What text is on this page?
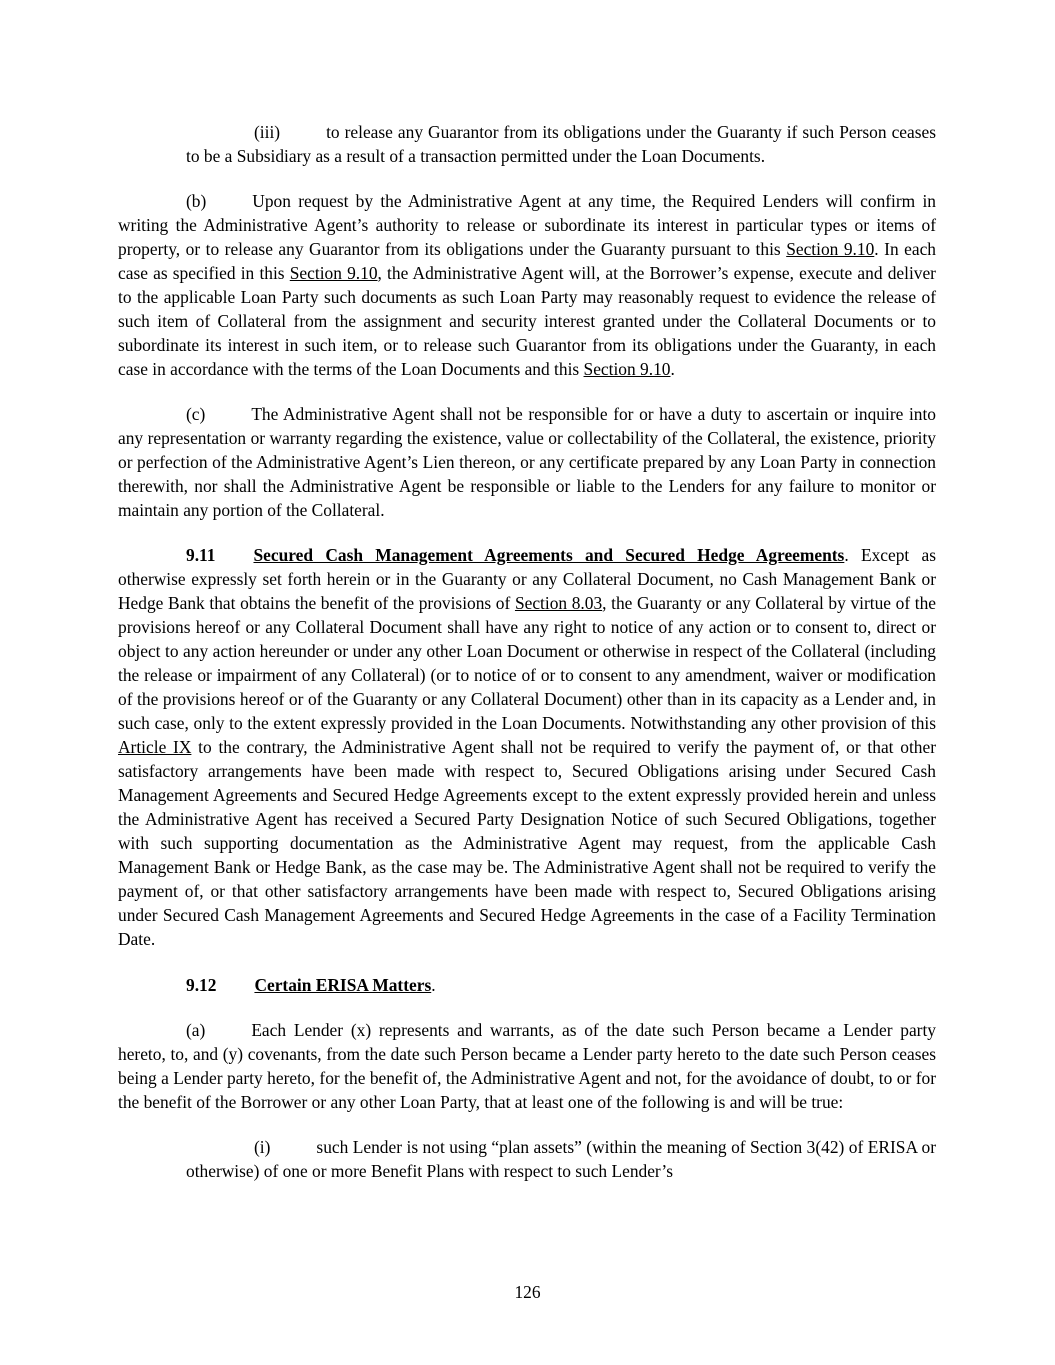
(iii)	to release any Guarantor from its obligations under the Guaranty if such Person ceases to be a Subsidiary as a result of a transaction permitted under the Loan Documents.

(b)	Upon request by the Administrative Agent at any time, the Required Lenders will confirm in writing the Administrative Agent’s authority to release or subordinate its interest in particular types or items of property, or to release any Guarantor from its obligations under the Guaranty pursuant to this Section 9.10. In each case as specified in this Section 9.10, the Administrative Agent will, at the Borrower’s expense, execute and deliver to the applicable Loan Party such documents as such Loan Party may reasonably request to evidence the release of such item of Collateral from the assignment and security interest granted under the Collateral Documents or to subordinate its interest in such item, or to release such Guarantor from its obligations under the Guaranty, in each case in accordance with the terms of the Loan Documents and this Section 9.10.

(c)	The Administrative Agent shall not be responsible for or have a duty to ascertain or inquire into any representation or warranty regarding the existence, value or collectability of the Collateral, the existence, priority or perfection of the Administrative Agent’s Lien thereon, or any certificate prepared by any Loan Party in connection therewith, nor shall the Administrative Agent be responsible or liable to the Lenders for any failure to monitor or maintain any portion of the Collateral.

9.11 Secured Cash Management Agreements and Secured Hedge Agreements. Except as otherwise expressly set forth herein or in the Guaranty or any Collateral Document, no Cash Management Bank or Hedge Bank that obtains the benefit of the provisions of Section 8.03, the Guaranty or any Collateral by virtue of the provisions hereof or any Collateral Document shall have any right to notice of any action or to consent to, direct or object to any action hereunder or under any other Loan Document or otherwise in respect of the Collateral (including the release or impairment of any Collateral) (or to notice of or to consent to any amendment, waiver or modification of the provisions hereof or of the Guaranty or any Collateral Document) other than in its capacity as a Lender and, in such case, only to the extent expressly provided in the Loan Documents. Notwithstanding any other provision of this Article IX to the contrary, the Administrative Agent shall not be required to verify the payment of, or that other satisfactory arrangements have been made with respect to, Secured Obligations arising under Secured Cash Management Agreements and Secured Hedge Agreements except to the extent expressly provided herein and unless the Administrative Agent has received a Secured Party Designation Notice of such Secured Obligations, together with such supporting documentation as the Administrative Agent may request, from the applicable Cash Management Bank or Hedge Bank, as the case may be. The Administrative Agent shall not be required to verify the payment of, or that other satisfactory arrangements have been made with respect to, Secured Obligations arising under Secured Cash Management Agreements and Secured Hedge Agreements in the case of a Facility Termination Date.

9.12 Certain ERISA Matters.

(a)	Each Lender (x) represents and warrants, as of the date such Person became a Lender party hereto, to, and (y) covenants, from the date such Person became a Lender party hereto to the date such Person ceases being a Lender party hereto, for the benefit of, the Administrative Agent and not, for the avoidance of doubt, to or for the benefit of the Borrower or any other Loan Party, that at least one of the following is and will be true:

(i)	such Lender is not using “plan assets” (within the meaning of Section 3(42) of ERISA or otherwise) of one or more Benefit Plans with respect to such Lender’s

126
